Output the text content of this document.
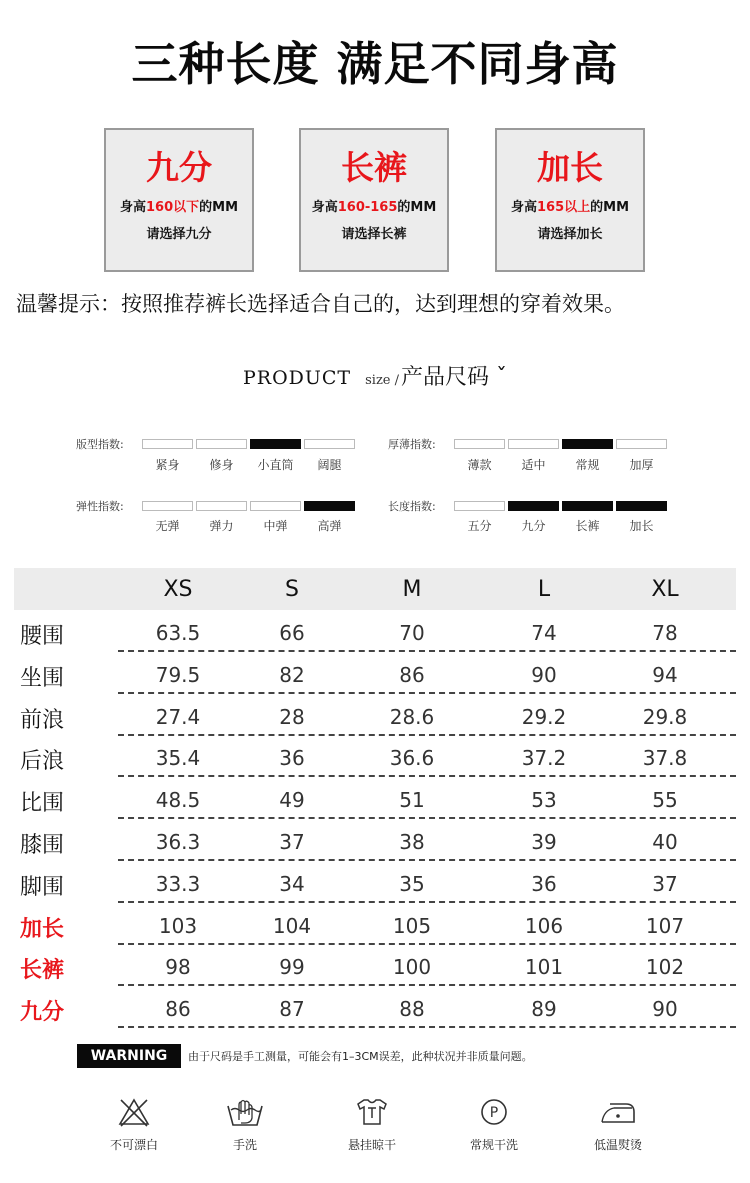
三种长度 满足不同身高
九分
身高160以下的MM
请选择九分
长裤
身高160-165的MM
请选择长裤
加长
身高165以上的MM
请选择加长
温馨提示：按照推荐裤长选择适合自己的，达到理想的穿着效果。
PRODUCT size /产品尺码 ˇ
版型指数:
紧身	修身	小直筒	阔腿
厚薄指数:
薄款	适中	常规	加厚
弹性指数:
无弹	弹力	中弹	高弹
长度指数:
五分	九分	长裤	加长
XS	S	M	L	XL
腰围	63.5	66	70	74	78
坐围	79.5	82	86	90	94
前浪	27.4	28	28.6	29.2	29.8
后浪	35.4	36	36.6	37.2	37.8
比围	48.5	49	51	53	55
膝围	36.3	37	38	39	40
脚围	33.3	34	35	36	37
加长	103	104	105	106	107
长裤	98	99	100	101	102
九分	86	87	88	89	90
WARNING	由于尺码是手工测量，可能会有1–3CM误差，此种状况并非质量问题。
不可漂白	手洗	悬挂晾干
P
常规干洗	低温熨烫
